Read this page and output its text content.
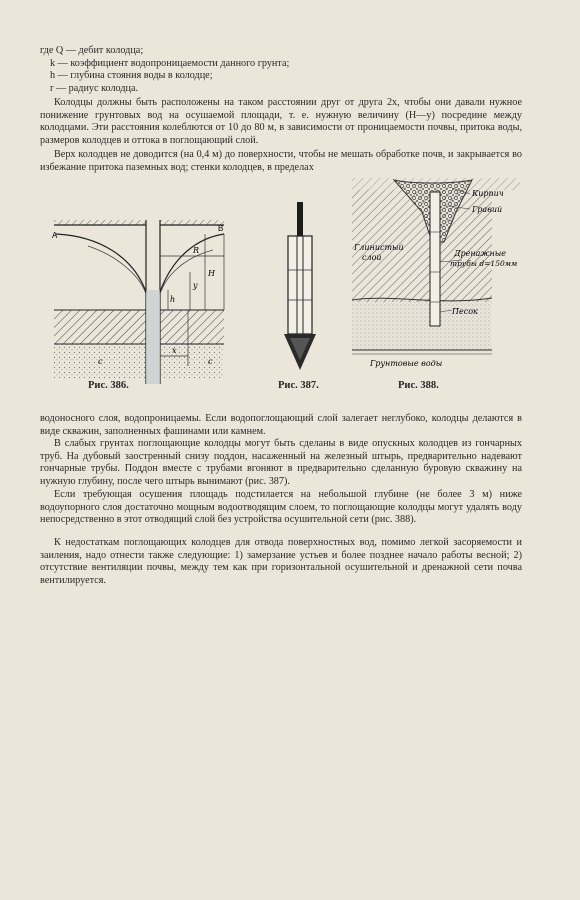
где Q — дебит колодца;
k — коэффициент водопроницаемости данного грунта;
h — глубина стояния воды в колодце;
r — радиус колодца.

Колодцы должны быть расположены на таком расстоянии друг от друга 2x, чтобы они давали нужное понижение грунтовых вод на осушаемой площади, т. е. нужную величину (H—y) посредине между колодцами. Эти расстояния колеблются от 10 до 80 м, в зависимости от проницаемости почвы, притока воды, размеров колодцев и оттока в поглощающий слой.

Верх колодцев не доводится (на 0,4 м) до поверхности, чтобы не мешать обработке почв, и закрывается во избежание притока паземных вод; стенки колодцев, в пределах

A
B
R
H
y
h
x
c	c
Рис. 386.	Рис. 387.
Кирпич
Гравий
Глинистый
слой	Дренажные
трубы d=150мм
Песок
Грунтовые воды
Рис. 388.

водоносного слоя, водопроницаемы. Если водопоглощающий слой залегает неглубоко, колодцы делаются в виде скважин, заполненных фашинами или камнем.

В слабых грунтах поглощающие колодцы могут быть сделаны в виде опускных колодцев из гончарных труб. На дубовый заостренный снизу поддон, насаженный на железный штырь, предварительно надевают гончарные трубы. Поддон вместе с трубами вгоняют в предварительно сделанную буровую скважину на нужную глубину, после чего штырь вынимают (рис. 387).

Если требующая осушения площадь подстилается на небольшой глубине (не более 3 м) ниже водоупорного слоя достаточно мощным водоотводящим слоем, то поглощающие колодцы могут удалять воду непосредственно в этот отводящий слой без устройства осушительной сети (рис. 388).

К недостаткам поглощающих колодцев для отвода поверхностных вод, помимо легкой засоряемости и заиления, надо отнести также следующие: 1) замерзание устьев и более позднее начало работы весной; 2) отсутствие вентиляции почвы, между тем как при горизонтальной осушительной и дренажной сети почва вентилируется.
